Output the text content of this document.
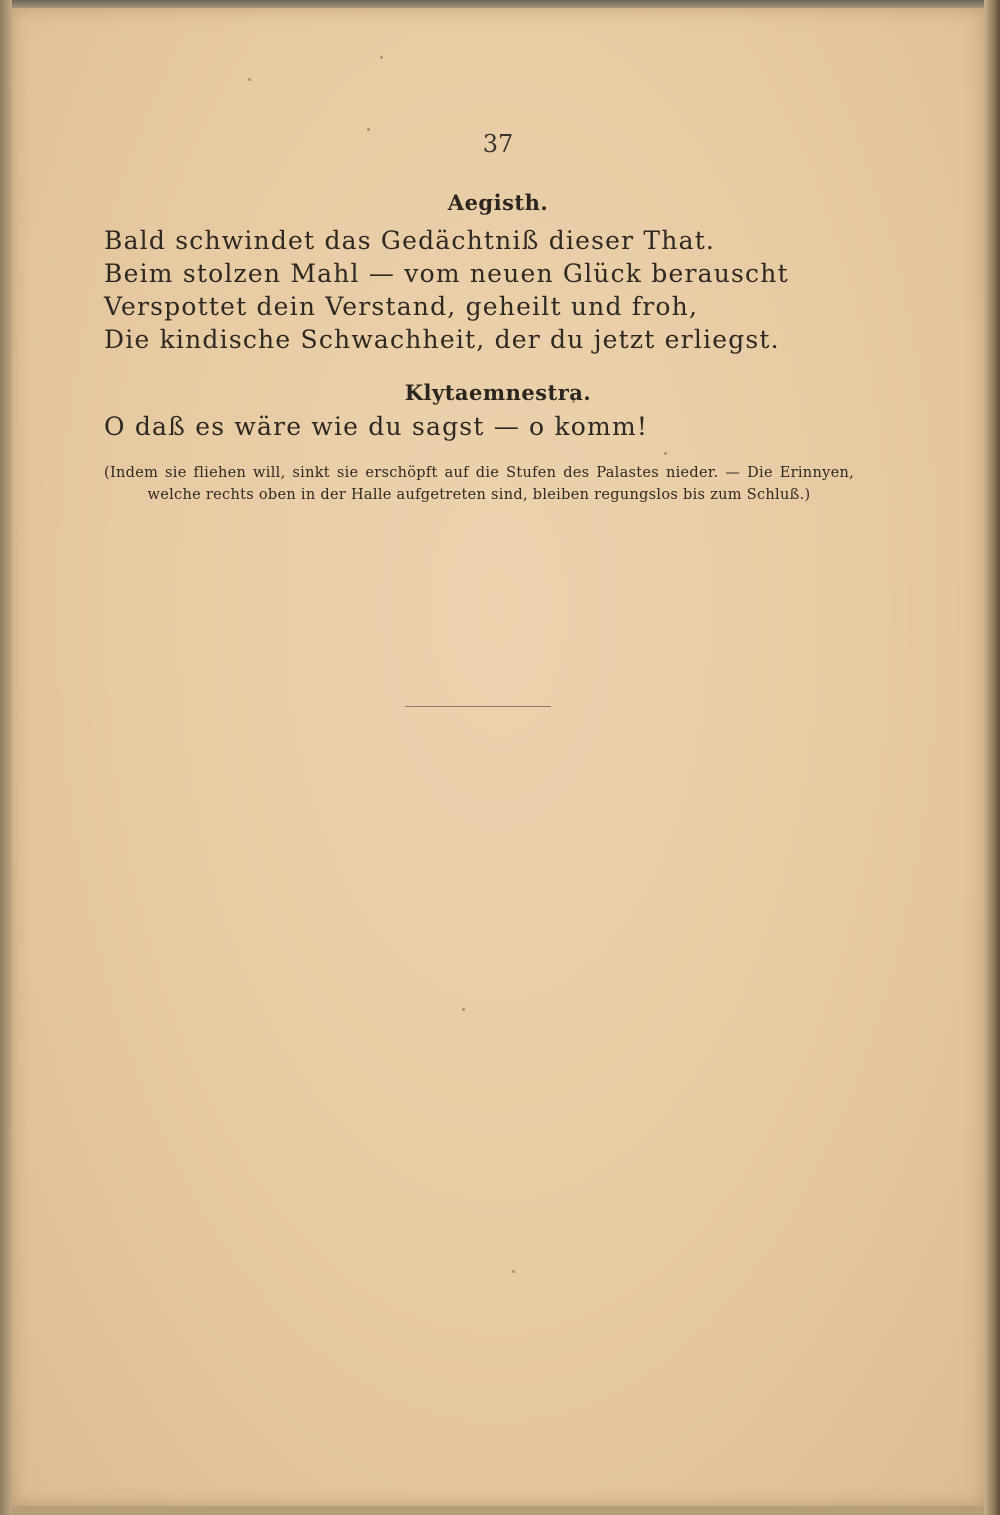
37
Aegisth.
Bald schwindet das Gedächtniß dieser That.
Beim stolzen Mahl — vom neuen Glück berauscht
Verspottet dein Verstand, geheilt und froh,
Die kindische Schwachheit, der du jetzt erliegst.
Klytaemnestra.
O daß es wäre wie du sagst — o komm!
(Indem sie fliehen will, sinkt sie erschöpft auf die Stufen des Palastes nieder. — Die Erinnyen, welche rechts oben in der Halle aufgetreten sind, bleiben regungslos bis zum Schluß.)
